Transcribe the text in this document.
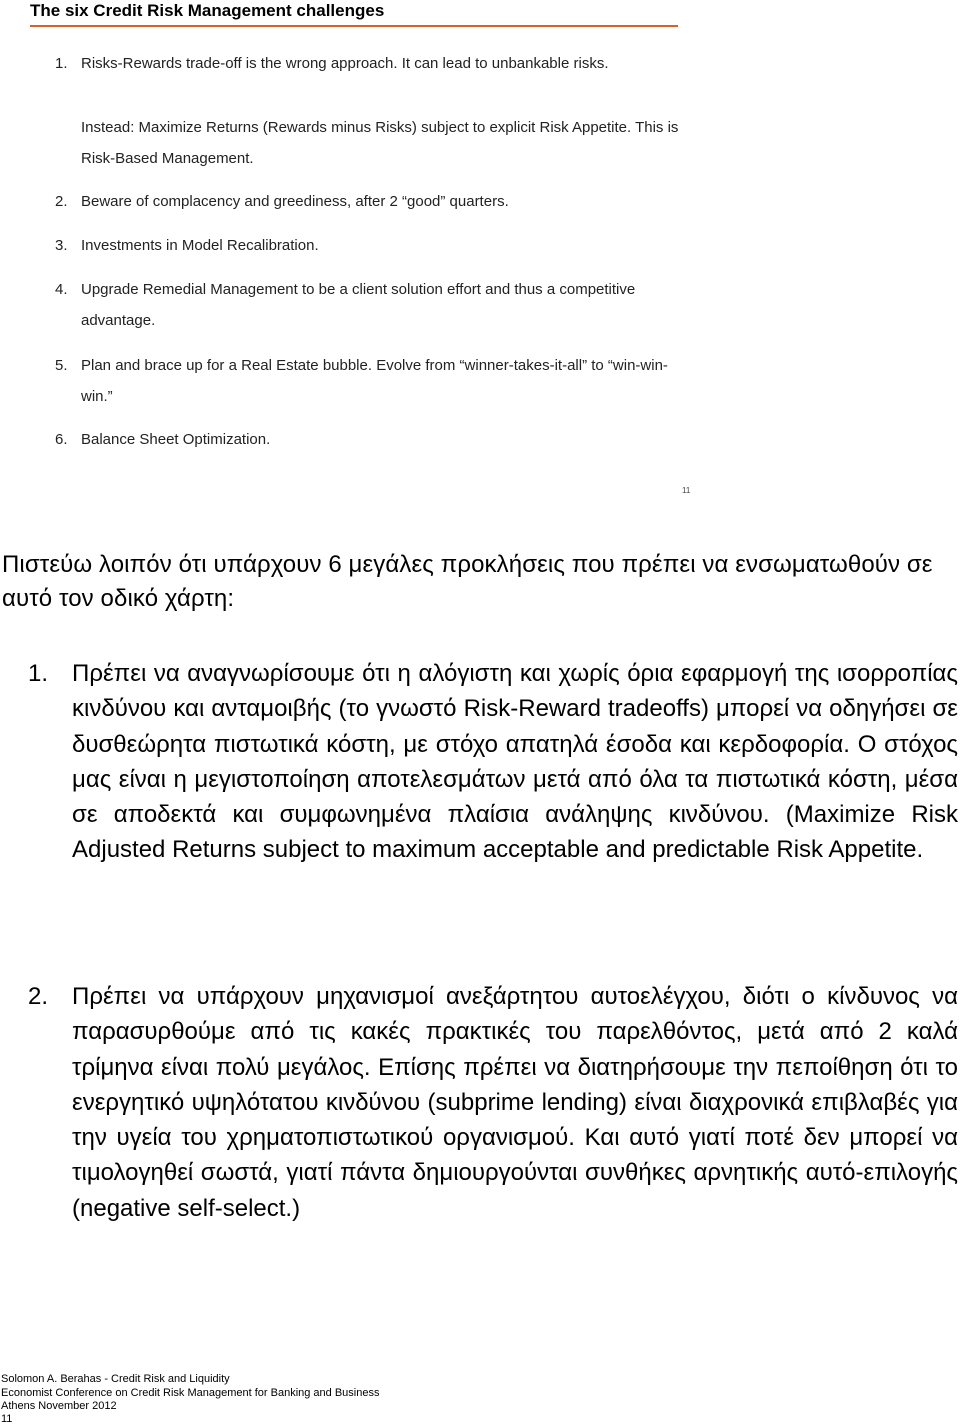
The six Credit Risk Management challenges
1. Risks-Rewards trade-off is the wrong approach. It can lead to unbankable risks.
Instead: Maximize Returns (Rewards minus Risks) subject to explicit Risk Appetite. This is Risk-Based Management.
2. Beware of complacency and greediness, after 2 “good” quarters.
3. Investments in Model Recalibration.
4. Upgrade Remedial Management to be a client solution effort and thus a competitive advantage.
5. Plan and brace up for a Real Estate bubble. Evolve from “winner-takes-it-all” to “win-win-win.”
6. Balance Sheet Optimization.
11
Πιστεύω λοιπόν ότι υπάρχουν 6 μεγάλες προκλήσεις που πρέπει να ενσωματωθούν σε αυτό τον οδικό χάρτη:
1. Πρέπει να αναγνωρίσουμε ότι η αλόγιστη και χωρίς όρια εφαρμογή της ισορροπίας κινδύνου και ανταμοιβής (το γνωστό Risk-Reward tradeoffs) μπορεί να οδηγήσει σε δυσθεώρητα πιστωτικά κόστη, με στόχο απατηλά έσοδα και κερδοφορία. Ο στόχος μας είναι η μεγιστοποίηση αποτελεσμάτων μετά από όλα τα πιστωτικά κόστη, μέσα σε αποδεκτά και συμφωνημένα πλαίσια ανάληψης κινδύνου. (Maximize Risk Adjusted Returns subject to maximum acceptable and predictable Risk Appetite.
2. Πρέπει να υπάρχουν μηχανισμοί ανεξάρτητου αυτοελέγχου, διότι ο κίνδυνος να παρασυρθούμε από τις κακές πρακτικές του παρελθόντος, μετά από 2 καλά τρίμηνα είναι πολύ μεγάλος. Επίσης πρέπει να διατηρήσουμε την πεποίθηση ότι το ενεργητικό υψηλότατου κινδύνου (subprime lending) είναι διαχρονικά επιβλαβές για την υγεία του χρηματοπιστωτικού οργανισμού. Και αυτό γιατί ποτέ δεν μπορεί να τιμολογηθεί σωστά, γιατί πάντα δημιουργούνται συνθήκες αρνητικής αυτό-επιλογής (negative self-select.)
Solomon A. Berahas - Credit Risk and Liquidity
Economist Conference on Credit Risk Management for Banking and Business
Athens November 2012
11
